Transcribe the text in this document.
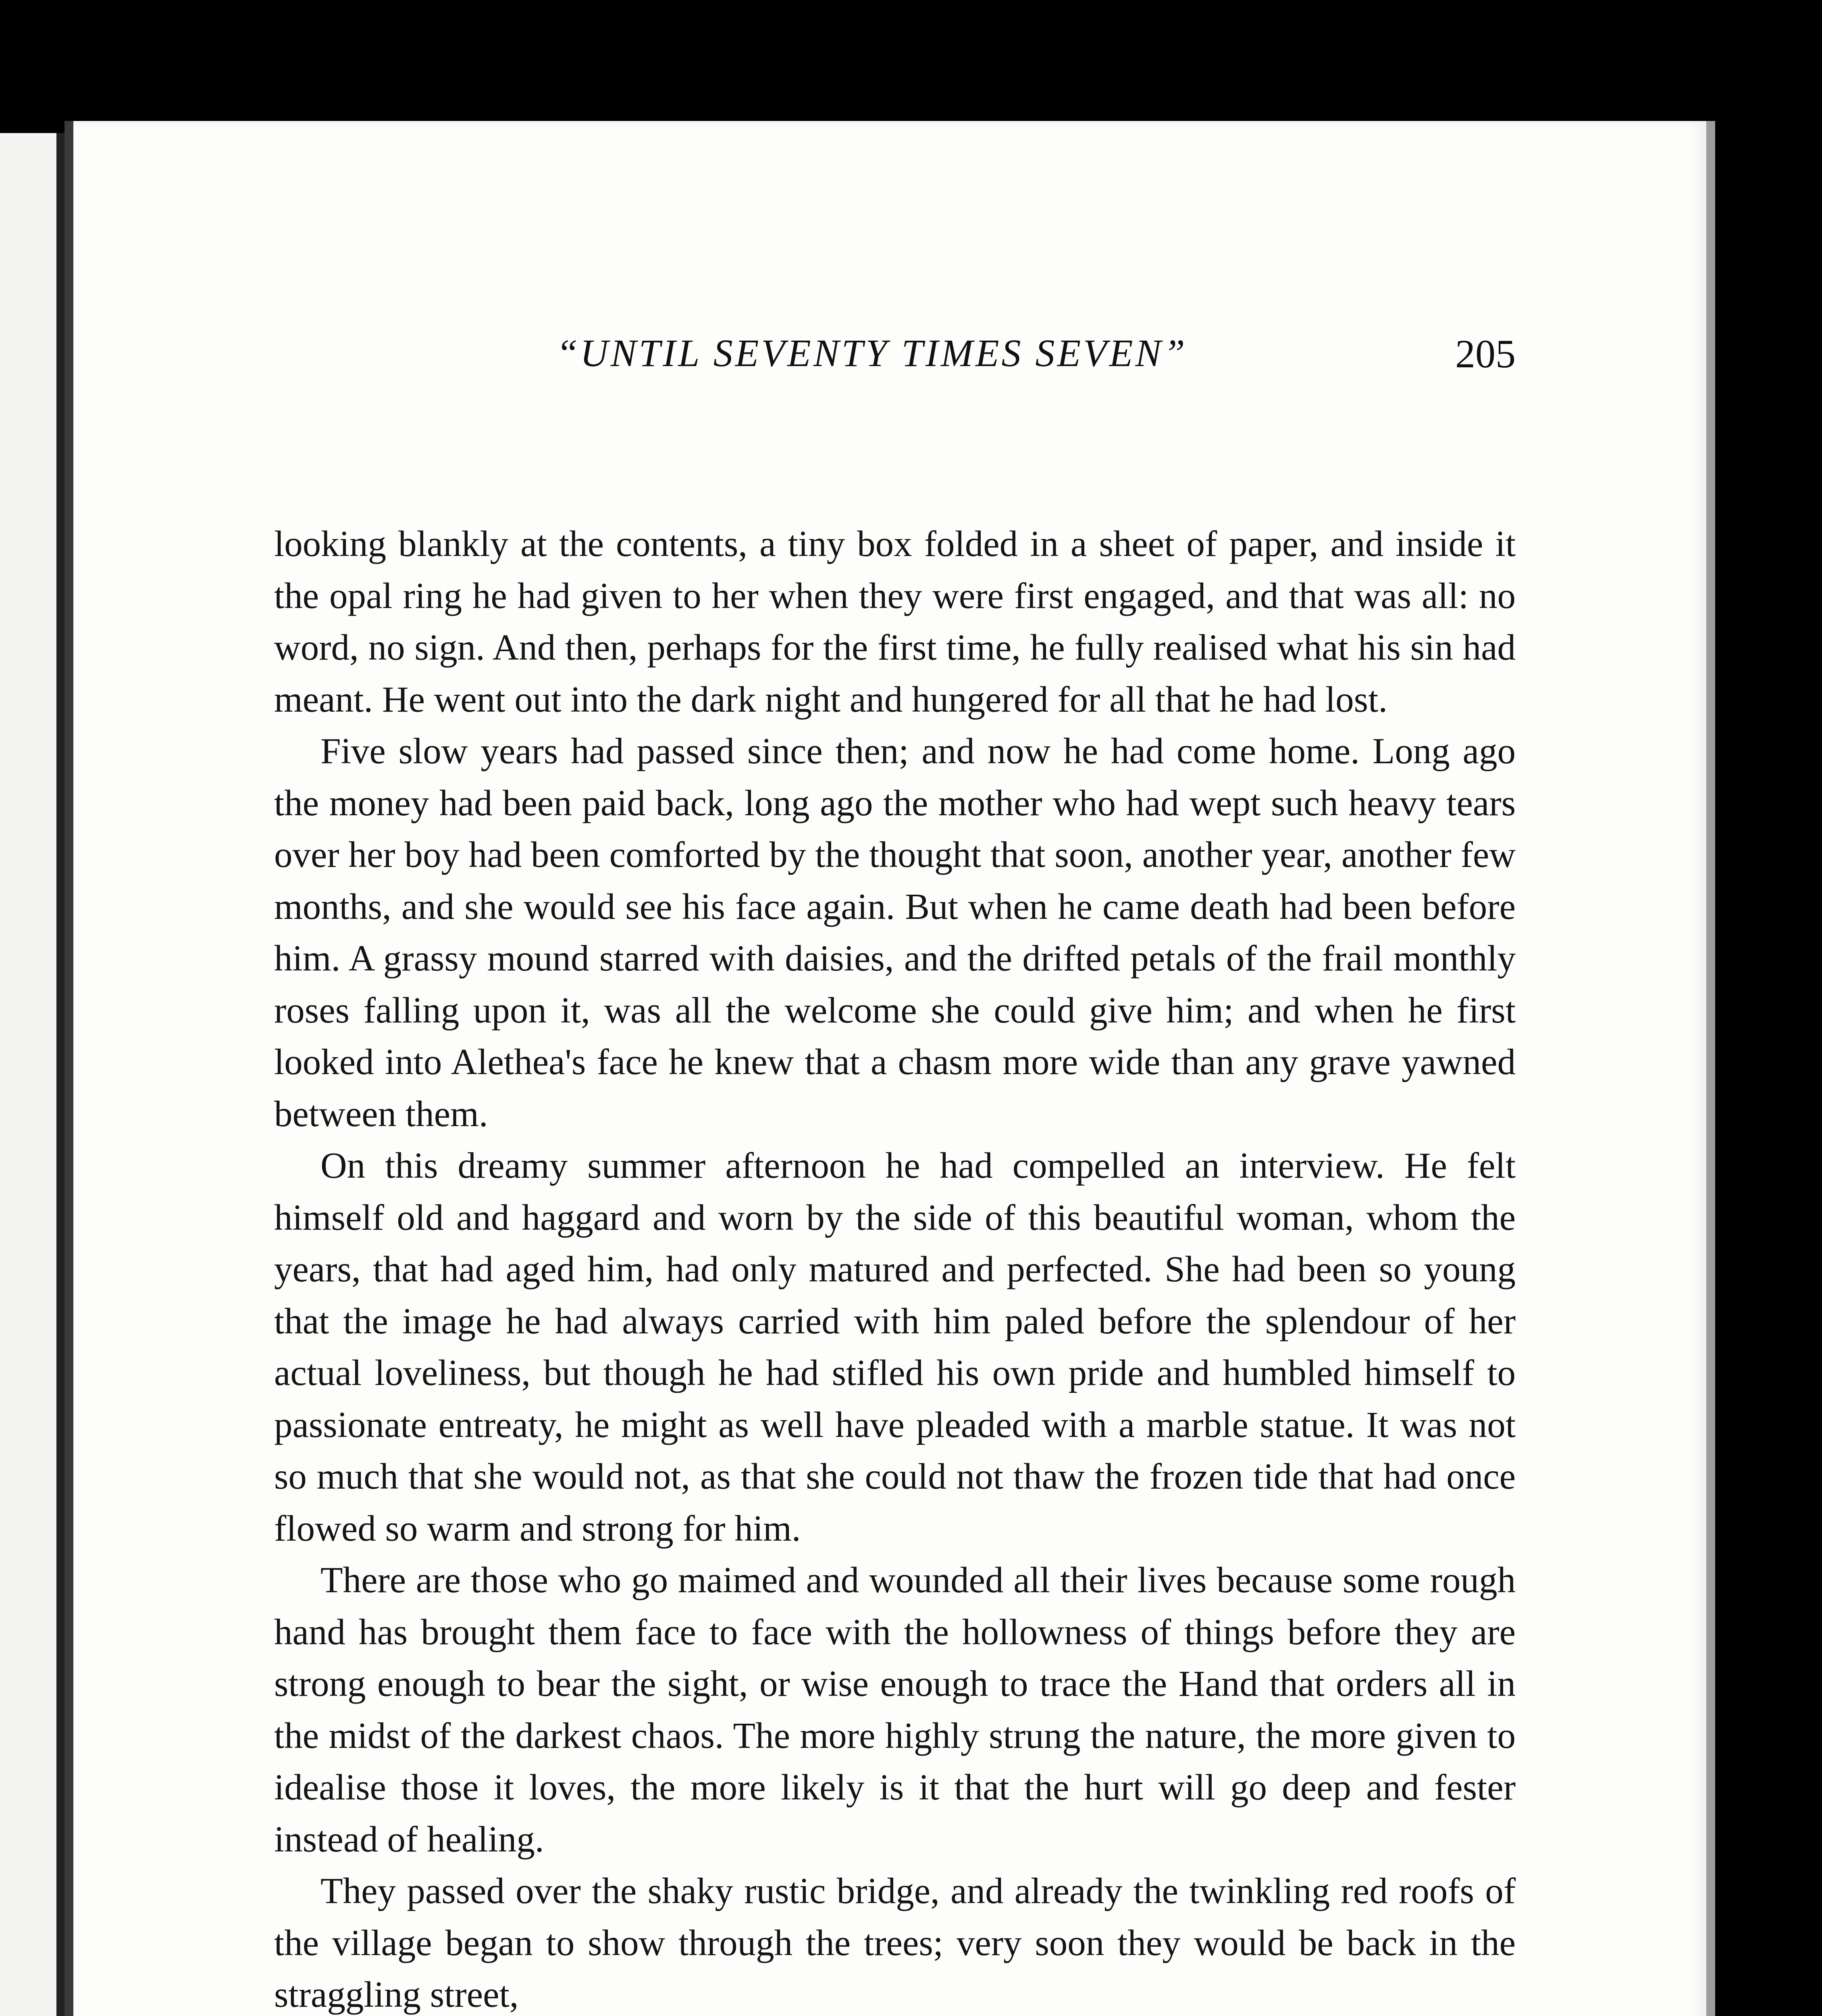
“UNTIL SEVENTY TIMES SEVEN”	205

looking blankly at the contents, a tiny box folded in a sheet of paper, and inside it the opal ring he had given to her when they were first engaged, and that was all: no word, no sign. And then, perhaps for the first time, he fully realised what his sin had meant. He went out into the dark night and hungered for all that he had lost.

Five slow years had passed since then; and now he had come home. Long ago the money had been paid back, long ago the mother who had wept such heavy tears over her boy had been comforted by the thought that soon, another year, another few months, and she would see his face again. But when he came death had been before him. A grassy mound starred with daisies, and the drifted petals of the frail monthly roses falling upon it, was all the welcome she could give him; and when he first looked into Alethea's face he knew that a chasm more wide than any grave yawned between them.

On this dreamy summer afternoon he had compelled an interview. He felt himself old and haggard and worn by the side of this beautiful woman, whom the years, that had aged him, had only matured and perfected. She had been so young that the image he had always carried with him paled before the splendour of her actual loveliness, but though he had stifled his own pride and humbled himself to passionate entreaty, he might as well have pleaded with a marble statue. It was not so much that she would not, as that she could not thaw the frozen tide that had once flowed so warm and strong for him.

There are those who go maimed and wounded all their lives because some rough hand has brought them face to face with the hollowness of things before they are strong enough to bear the sight, or wise enough to trace the Hand that orders all in the midst of the darkest chaos. The more highly strung the nature, the more given to idealise those it loves, the more likely is it that the hurt will go deep and fester instead of healing.

They passed over the shaky rustic bridge, and already the twinkling red roofs of the village began to show through the trees; very soon they would be back in the straggling street,
